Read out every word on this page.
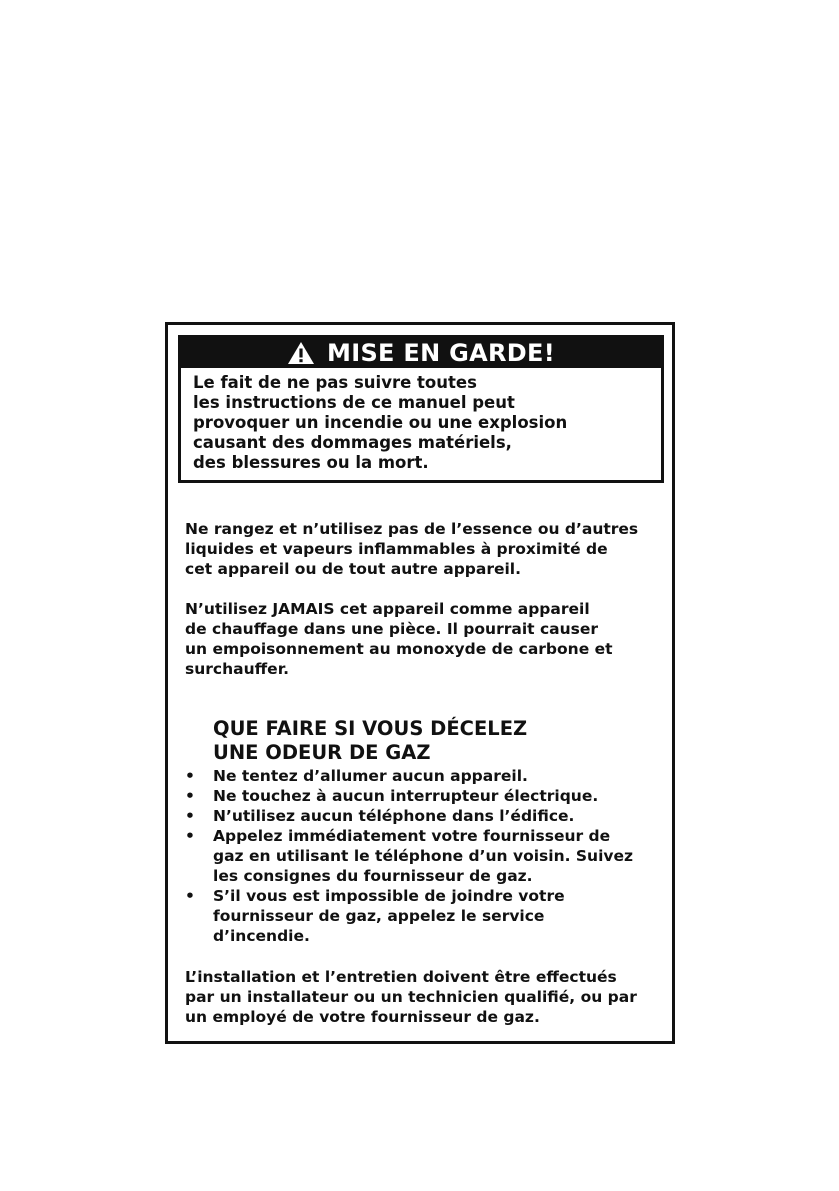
MISE EN GARDE!
Le fait de ne pas suivre toutes
les instructions de ce manuel peut
provoquer un incendie ou une explosion
causant des dommages matériels,
des blessures ou la mort.
Ne rangez et n’utilisez pas de l’essence ou d’autres
liquides et vapeurs inflammables à proximité de
cet appareil ou de tout autre appareil.
N’utilisez JAMAIS cet appareil comme appareil
de chauffage dans une pièce. Il pourrait causer
un empoisonnement au monoxyde de carbone et
surchauffer.
QUE FAIRE SI VOUS DÉCELEZ
UNE ODEUR DE GAZ
• Ne tentez d’allumer aucun appareil.
• Ne touchez à aucun interrupteur électrique.
• N’utilisez aucun téléphone dans l’édifice.
• Appelez immédiatement votre fournisseur de
gaz en utilisant le téléphone d’un voisin. Suivez
les consignes du fournisseur de gaz.
• S’il vous est impossible de joindre votre
fournisseur de gaz, appelez le service
d’incendie.
L’installation et l’entretien doivent être effectués
par un installateur ou un technicien qualifié, ou par
un employé de votre fournisseur de gaz.
